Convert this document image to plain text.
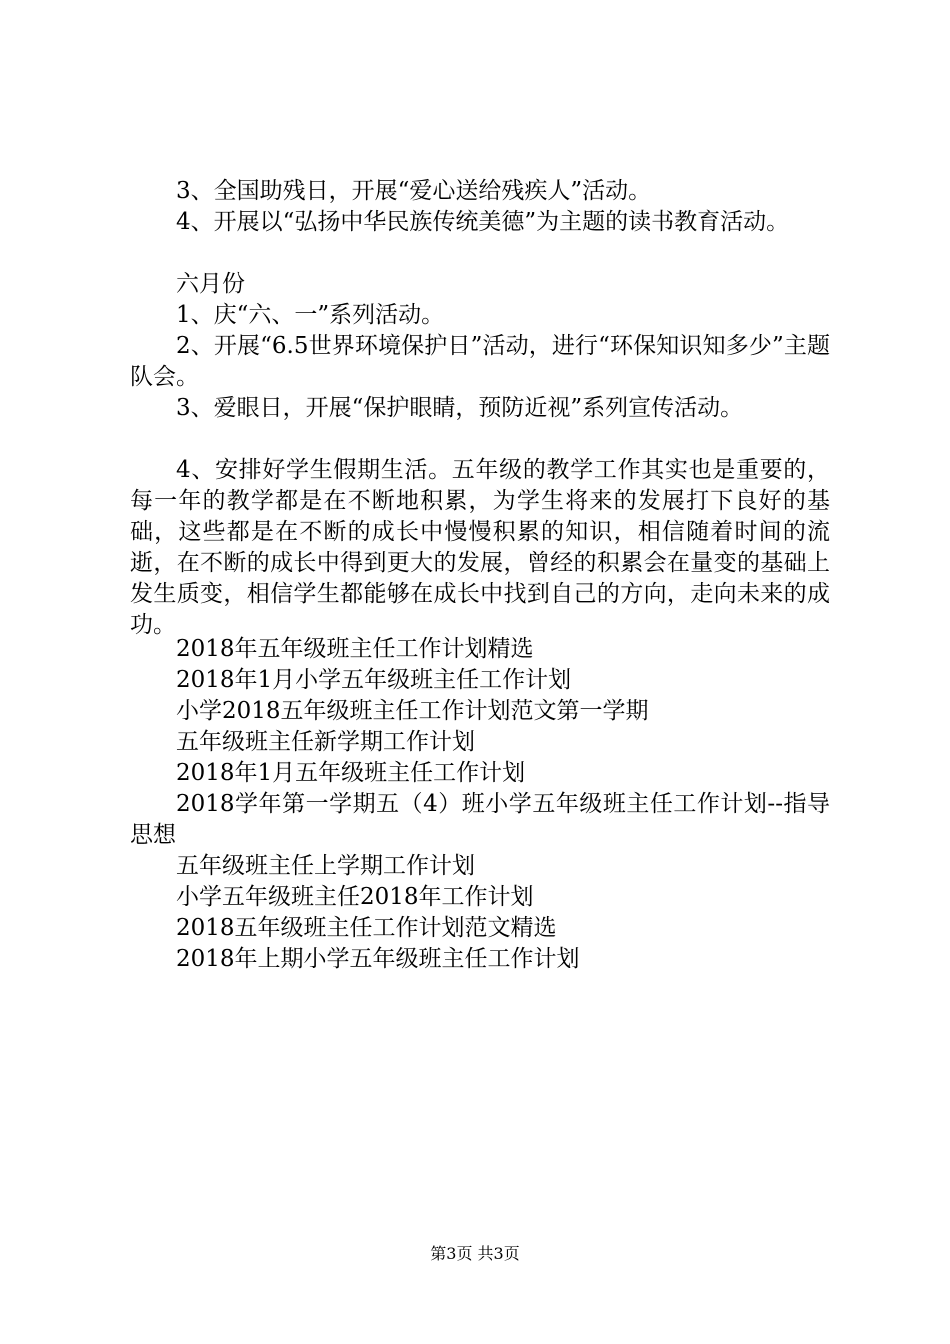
3、全国助残日，开展“爱心送给残疾人”活动。

4、开展以“弘扬中华民族传统美德”为主题的读书教育活动。

六月份

1、庆“六、一”系列活动。

2、开展“6.5世界环境保护日”活动，进行“环保知识知多少”主题队会。

3、爱眼日，开展“保护眼睛，预防近视”系列宣传活动。

4、安排好学生假期生活。五年级的教学工作其实也是重要的，每一年的教学都是在不断地积累，为学生将来的发展打下良好的基础，这些都是在不断的成长中慢慢积累的知识，相信随着时间的流逝，在不断的成长中得到更大的发展，曾经的积累会在量变的基础上发生质变，相信学生都能够在成长中找到自己的方向，走向未来的成功。

2018年五年级班主任工作计划精选

2018年1月小学五年级班主任工作计划

小学2018五年级班主任工作计划范文第一学期

五年级班主任新学期工作计划

2018年1月五年级班主任工作计划

2018学年第一学期五（4）班小学五年级班主任工作计划--指导思想

五年级班主任上学期工作计划

小学五年级班主任2018年工作计划

2018五年级班主任工作计划范文精选

2018年上期小学五年级班主任工作计划

第3页 共3页
